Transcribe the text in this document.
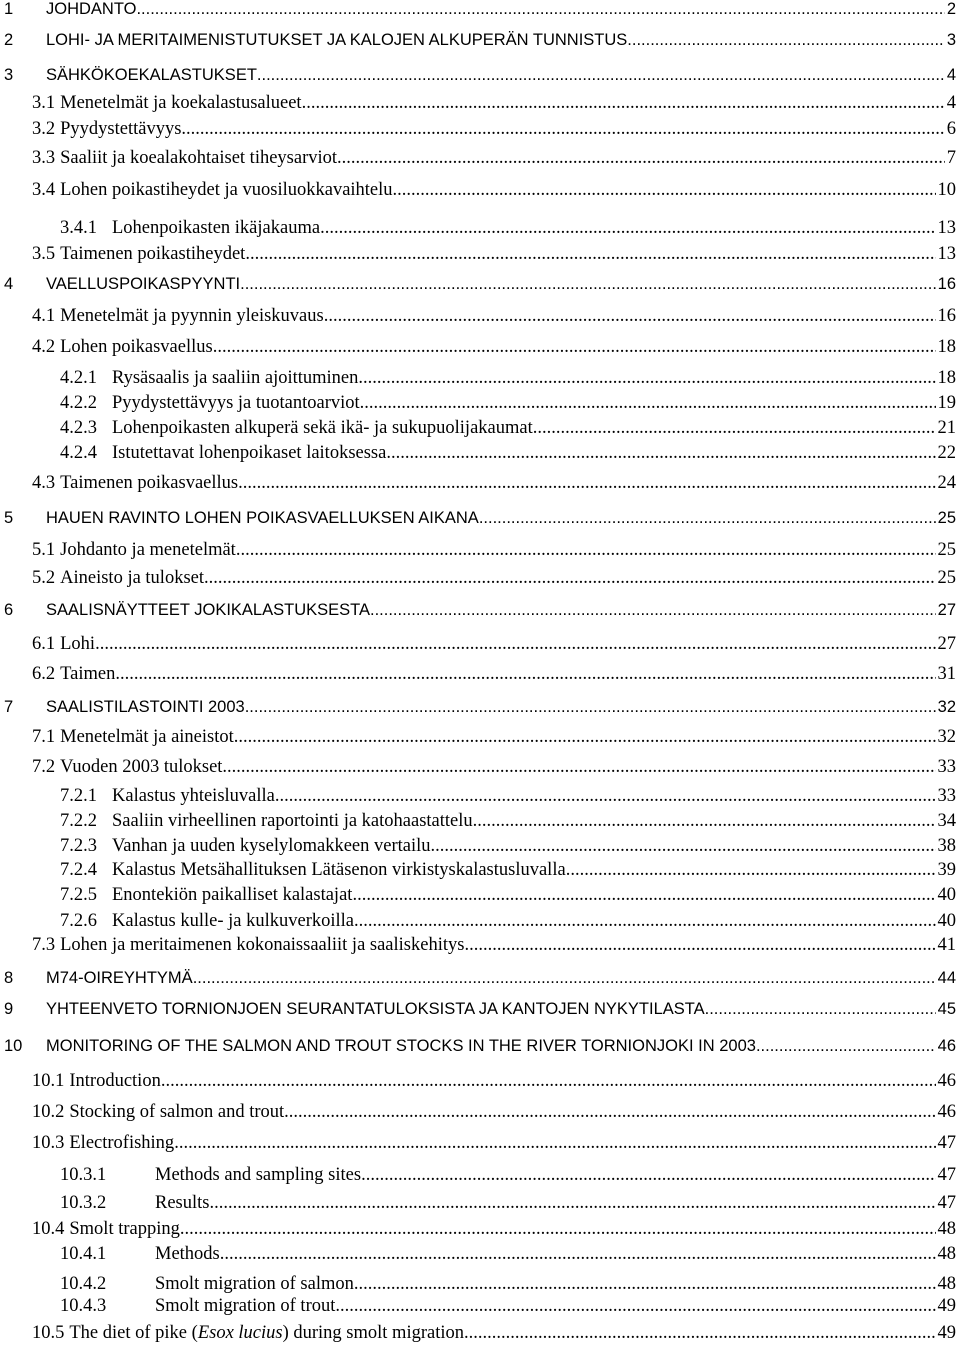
1 JOHDANTO .....	2
2 LOHI- JA MERITAIMENISTUTUKSET JA KALOJEN ALKUPERÄN TUNNISTUS .....	3
3 SÄHKÖKOEKALASTUKSET .....	4
3.1 Menetelmät ja koekalastusalueet .....	4
3.2 Pyydystettävyys .....	6
3.3 Saaliit ja koealakohtaiset tiheysarviot .....	7
3.4 Lohen poikastiheydet ja vuosiluokkavaihtelu .....	10
3.4.1 Lohenpoikasten ikäjakauma .....	13
3.5 Taimenen poikastiheydet .....	13
4 VAELLUSPOIKASPYYNTI .....	16
4.1 Menetelmät ja pyynnin yleiskuvaus .....	16
4.2 Lohen poikasvaellus .....	18
4.2.1 Rysäsaalis ja saaliin ajoittuminen .....	18
4.2.2 Pyydystettävyys ja tuotantoarviot .....	19
4.2.3 Lohenpoikasten alkuperä sekä ikä- ja sukupuolijakaumat .....	21
4.2.4 Istutettavat lohenpoikaset laitoksessa .....	22
4.3 Taimenen poikasvaellus .....	24
5 HAUEN RAVINTO LOHEN POIKASVAELLUKSEN AIKANA .....	25
5.1 Johdanto ja menetelmät .....	25
5.2 Aineisto ja tulokset .....	25
6 SAALISNÄYTTEET JOKIKALASTUKSESTA .....	27
6.1 Lohi .....	27
6.2 Taimen .....	31
7 SAALISTILASTOINTI 2003 .....	32
7.1 Menetelmät ja aineistot .....	32
7.2 Vuoden 2003 tulokset .....	33
7.2.1 Kalastus yhteisluvalla .....	33
7.2.2 Saaliin virheellinen raportointi ja katohaastattelu .....	34
7.2.3 Vanhan ja uuden kyselylomakkeen vertailu .....	38
7.2.4 Kalastus Metsähallituksen Lätäsenon virkistyskalastusluvalla .....	39
7.2.5 Enontekiön paikalliset kalastajat .....	40
7.2.6 Kalastus kulle- ja kulkuverkoilla .....	40
7.3 Lohen ja meritaimenen kokonaissaaliit ja saaliskehitys .....	41
8 M74-OIREYHTYMÄ .....	44
9 YHTEENVETO TORNIONJOEN SEURANTATULOKSISTA JA KANTOJEN NYKYTILASTA .....	45
10 MONITORING OF THE SALMON AND TROUT STOCKS IN THE RIVER TORNIONJOKI IN 2003 .....	46
10.1 Introduction .....	46
10.2 Stocking of salmon and trout .....	46
10.3 Electrofishing .....	47
10.3.1	Methods and sampling sites .....	47
10.3.2	Results .....	47
10.4 Smolt trapping .....	48
10.4.1	Methods .....	48
10.4.2	Smolt migration of salmon .....	48
10.4.3	Smolt migration of trout .....	49
10.5 The diet of pike (Esox lucius) during smolt migration .....	49
